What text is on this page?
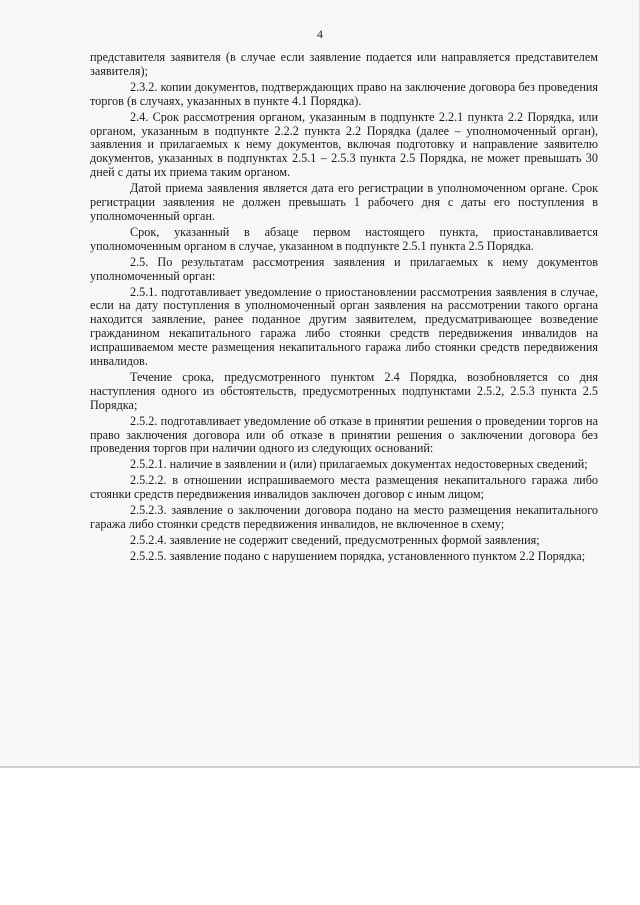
4

представителя заявителя (в случае если заявление подается или направляется представителем заявителя);

2.3.2. копии документов, подтверждающих право на заключение договора без проведения торгов (в случаях, указанных в пункте 4.1 Порядка).

2.4. Срок рассмотрения органом, указанным в подпункте 2.2.1 пункта 2.2 Порядка, или органом, указанным в подпункте 2.2.2 пункта 2.2 Порядка (далее – уполномоченный орган), заявления и прилагаемых к нему документов, включая подготовку и направление заявителю документов, указанных в подпунктах 2.5.1 – 2.5.3 пункта 2.5 Порядка, не может превышать 30 дней с даты их приема таким органом.

Датой приема заявления является дата его регистрации в уполномоченном органе. Срок регистрации заявления не должен превышать 1 рабочего дня с даты его поступления в уполномоченный орган.

Срок, указанный в абзаце первом настоящего пункта, приостанавливается уполномоченным органом в случае, указанном в подпункте 2.5.1 пункта 2.5 Порядка.

2.5. По результатам рассмотрения заявления и прилагаемых к нему документов уполномоченный орган:

2.5.1. подготавливает уведомление о приостановлении рассмотрения заявления в случае, если на дату поступления в уполномоченный орган заявления на рассмотрении такого органа находится заявление, ранее поданное другим заявителем, предусматривающее возведение гражданином некапитального гаража либо стоянки средств передвижения инвалидов на испрашиваемом месте размещения некапитального гаража либо стоянки средств передвижения инвалидов.

Течение срока, предусмотренного пунктом 2.4 Порядка, возобновляется со дня наступления одного из обстоятельств, предусмотренных подпунктами 2.5.2, 2.5.3 пункта 2.5 Порядка;

2.5.2. подготавливает уведомление об отказе в принятии решения о проведении торгов на право заключения договора или об отказе в принятии решения о заключении договора без проведения торгов при наличии одного из следующих оснований:

2.5.2.1. наличие в заявлении и (или) прилагаемых документах недостоверных сведений;

2.5.2.2. в отношении испрашиваемого места размещения некапитального гаража либо стоянки средств передвижения инвалидов заключен договор с иным лицом;

2.5.2.3. заявление о заключении договора подано на место размещения некапитального гаража либо стоянки средств передвижения инвалидов, не включенное в схему;

2.5.2.4. заявление не содержит сведений, предусмотренных формой заявления;

2.5.2.5. заявление подано с нарушением порядка, установленного пунктом 2.2 Порядка;
